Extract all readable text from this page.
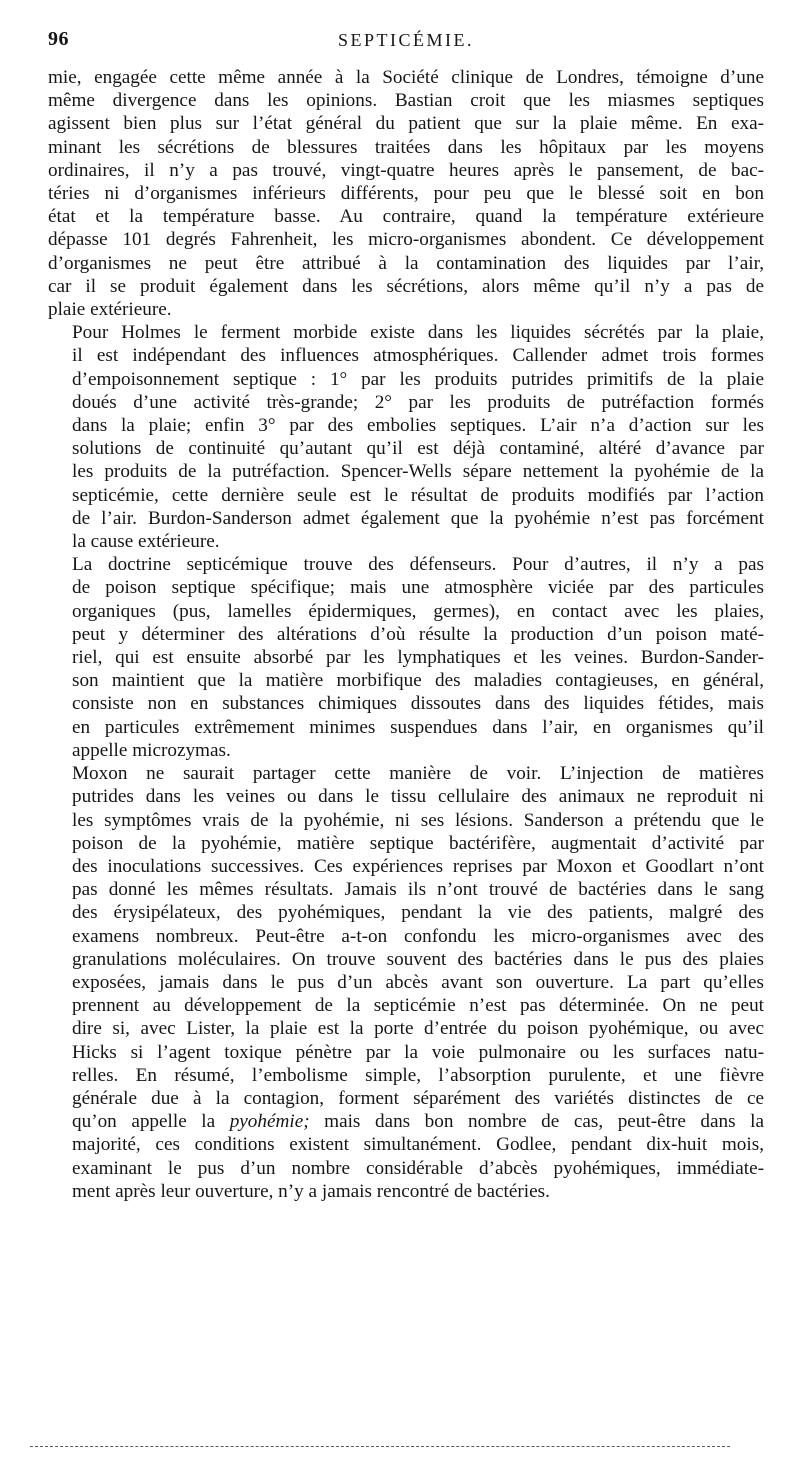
96	SEPTICÉMIE.

mie, engagée cette même année à la Société clinique de Londres, témoigne d’une
même divergence dans les opinions. Bastian croit que les miasmes septiques
agissent bien plus sur l’état général du patient que sur la plaie même. En exa-
minant les sécrétions de blessures traitées dans les hôpitaux par les moyens
ordinaires, il n’y a pas trouvé, vingt-quatre heures après le pansement, de bac-
téries ni d’organismes inférieurs différents, pour peu que le blessé soit en bon
état et la température basse. Au contraire, quand la température extérieure
dépasse 101 degrés Fahrenheit, les micro-organismes abondent. Ce développement
d’organismes ne peut être attribué à la contamination des liquides par l’air,
car il se produit également dans les sécrétions, alors même qu’il n’y a pas de
plaie extérieure.

Pour Holmes le ferment morbide existe dans les liquides sécrétés par la plaie,
il est indépendant des influences atmosphériques. Callender admet trois formes
d’empoisonnement septique : 1° par les produits putrides primitifs de la plaie
doués d’une activité très-grande; 2° par les produits de putréfaction formés
dans la plaie; enfin 3° par des embolies septiques. L’air n’a d’action sur les
solutions de continuité qu’autant qu’il est déjà contaminé, altéré d’avance par
les produits de la putréfaction. Spencer-Wells sépare nettement la pyohémie de la
septicémie, cette dernière seule est le résultat de produits modifiés par l’action
de l’air. Burdon-Sanderson admet également que la pyohémie n’est pas forcément
la cause extérieure.

La doctrine septicémique trouve des défenseurs. Pour d’autres, il n’y a pas
de poison septique spécifique; mais une atmosphère viciée par des particules
organiques (pus, lamelles épidermiques, germes), en contact avec les plaies,
peut y déterminer des altérations d’où résulte la production d’un poison maté-
riel, qui est ensuite absorbé par les lymphatiques et les veines. Burdon-Sander-
son maintient que la matière morbifique des maladies contagieuses, en général,
consiste non en substances chimiques dissoutes dans des liquides fétides, mais
en particules extrêmement minimes suspendues dans l’air, en organismes qu’il
appelle microzymas.

Moxon ne saurait partager cette manière de voir. L’injection de matières
putrides dans les veines ou dans le tissu cellulaire des animaux ne reproduit ni
les symptômes vrais de la pyohémie, ni ses lésions. Sanderson a prétendu que le
poison de la pyohémie, matière septique bactérifère, augmentait d’activité par
des inoculations successives. Ces expériences reprises par Moxon et Goodlart n’ont
pas donné les mêmes résultats. Jamais ils n’ont trouvé de bactéries dans le sang
des érysipélateux, des pyohémiques, pendant la vie des patients, malgré des
examens nombreux. Peut-être a-t-on confondu les micro-organismes avec des
granulations moléculaires. On trouve souvent des bactéries dans le pus des plaies
exposées, jamais dans le pus d’un abcès avant son ouverture. La part qu’elles
prennent au développement de la septicémie n’est pas déterminée. On ne peut
dire si, avec Lister, la plaie est la porte d’entrée du poison pyohémique, ou avec
Hicks si l’agent toxique pénètre par la voie pulmonaire ou les surfaces natu-
relles. En résumé, l’embolisme simple, l’absorption purulente, et une fièvre
générale due à la contagion, forment séparément des variétés distinctes de ce
qu’on appelle la pyohémie; mais dans bon nombre de cas, peut-être dans la
majorité, ces conditions existent simultanément. Godlee, pendant dix-huit mois,
examinant le pus d’un nombre considérable d’abcès pyohémiques, immédiate-
ment après leur ouverture, n’y a jamais rencontré de bactéries.
